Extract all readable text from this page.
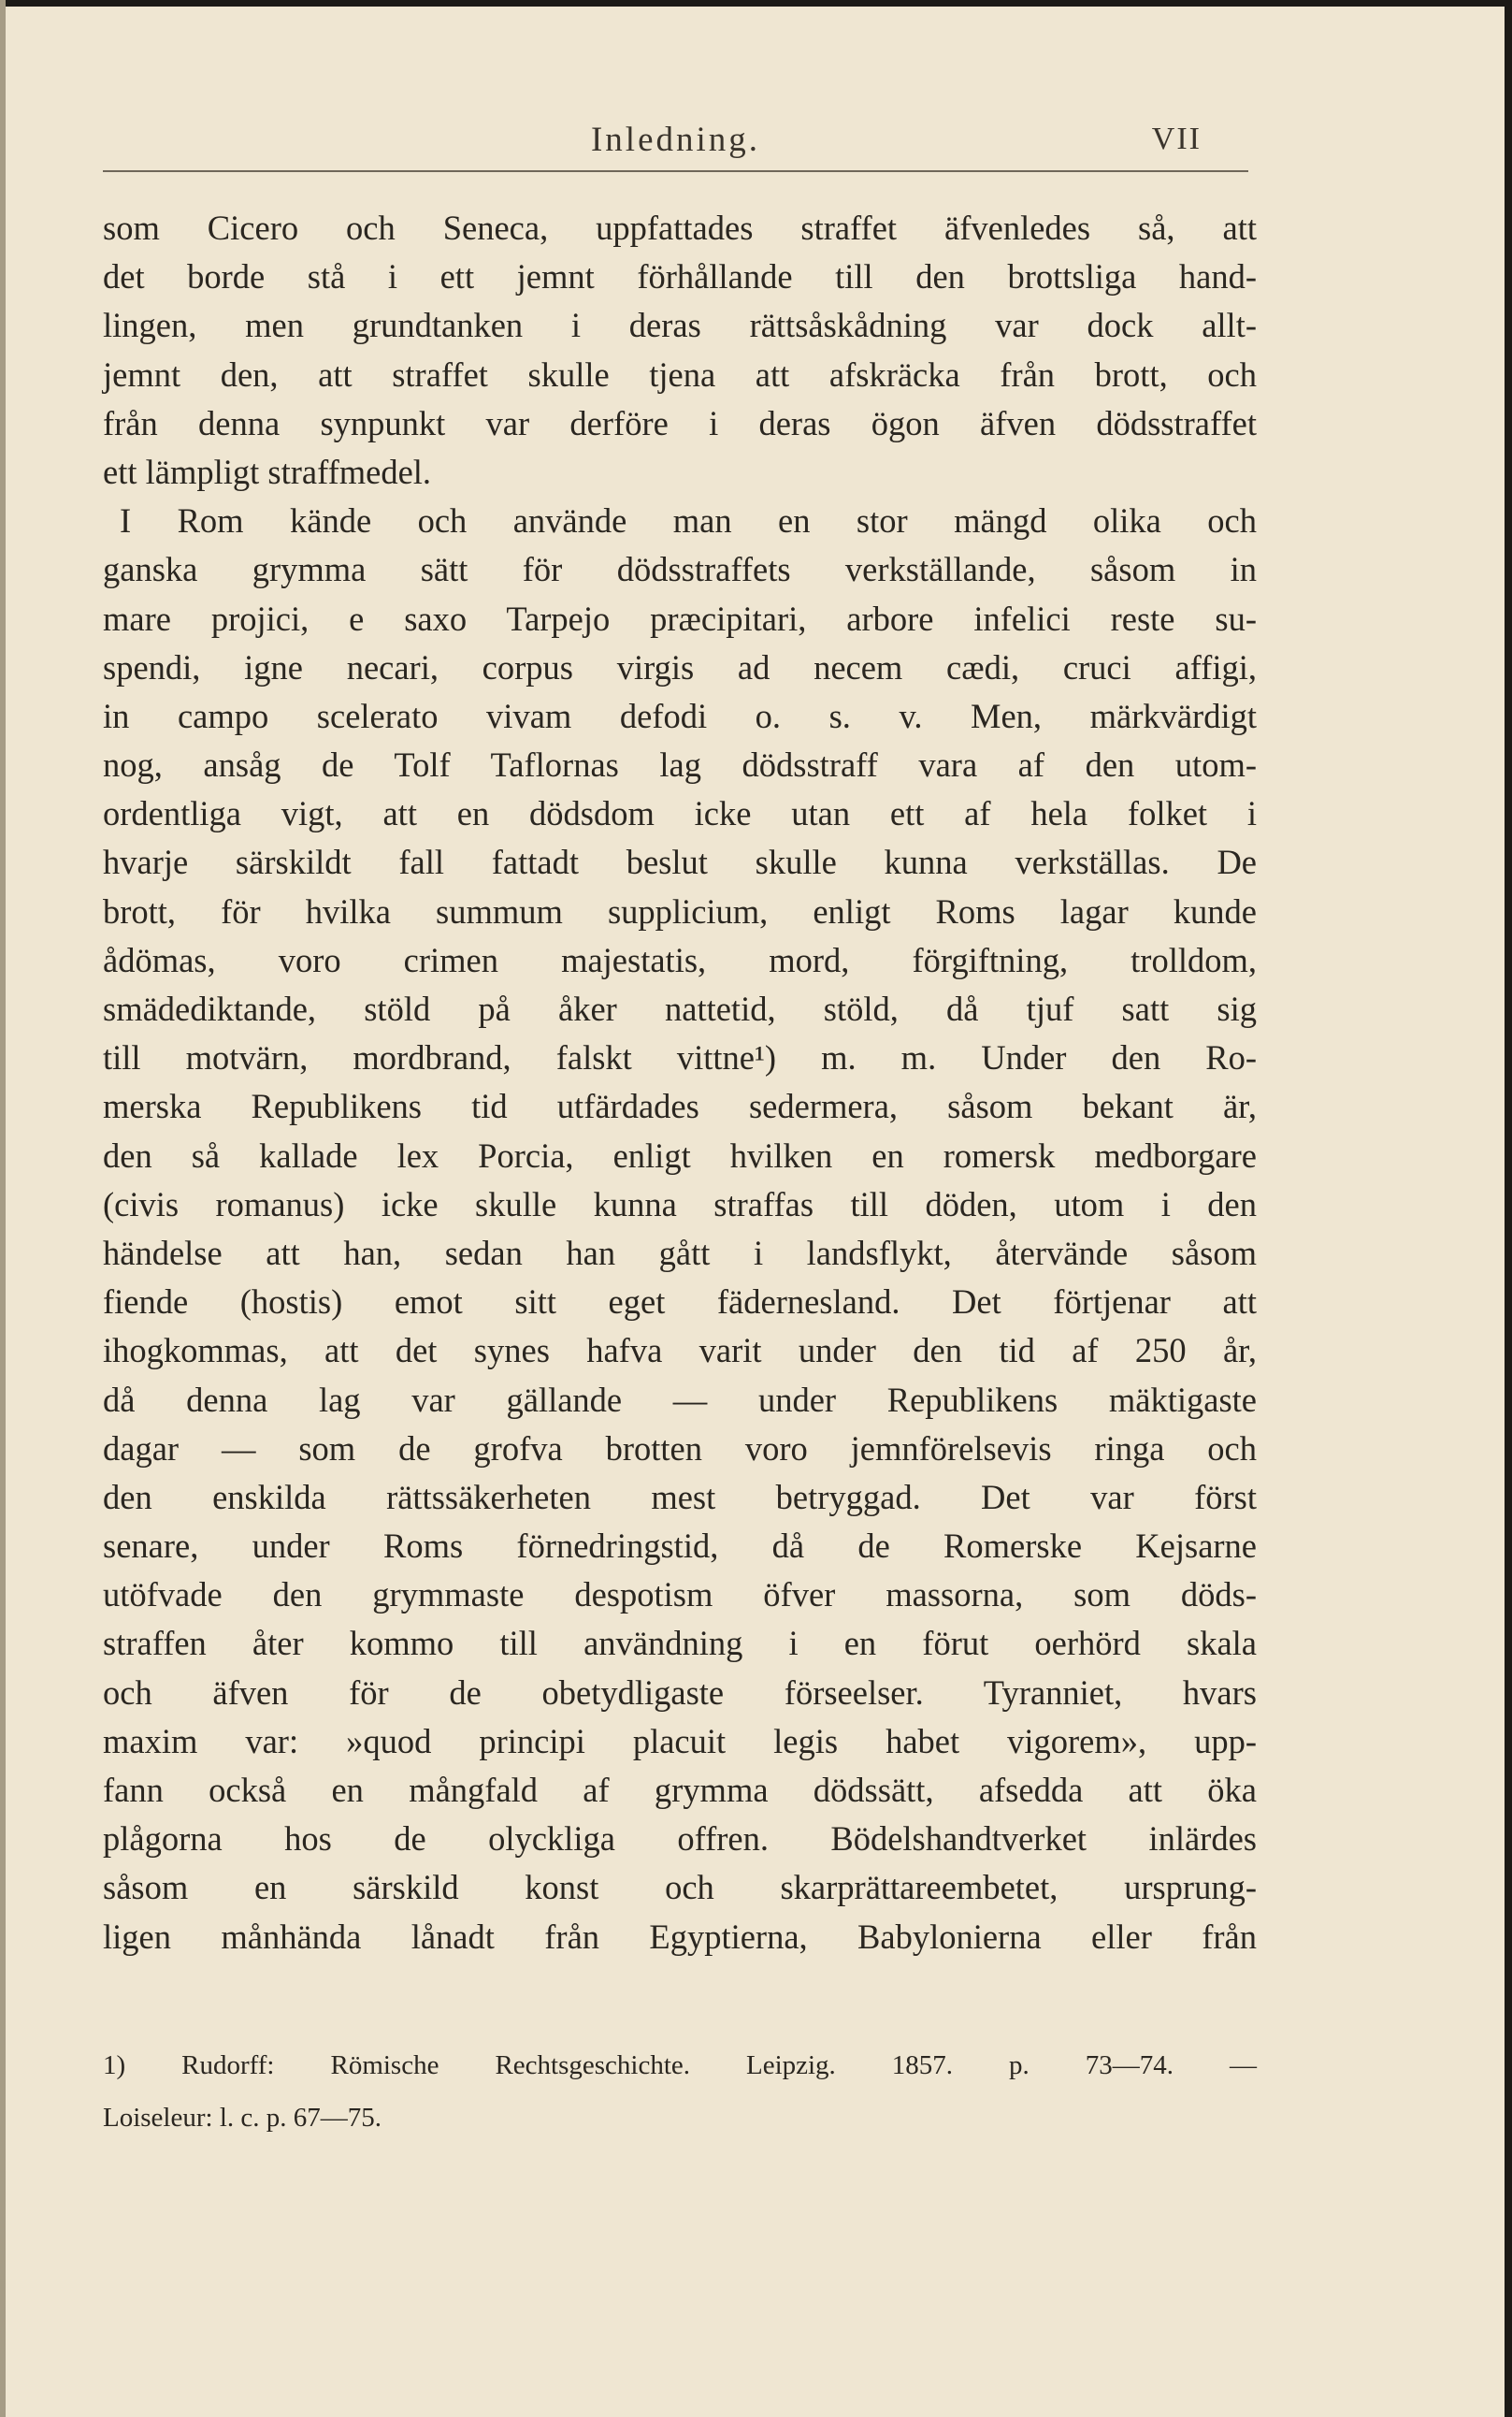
Inledning.	VII
som Cicero och Seneca, uppfattades straffet äfvenledes så, att
det borde stå i ett jemnt förhållande till den brottsliga hand-
lingen, men grundtanken i deras rättsåskådning var dock allt-
jemnt den, att straffet skulle tjena att afskräcka från brott, och
från denna synpunkt var derföre i deras ögon äfven dödsstraffet
ett lämpligt straffmedel.
I Rom kände och använde man en stor mängd olika och
ganska grymma sätt för dödsstraffets verkställande, såsom in
mare projici, e saxo Tarpejo præcipitari, arbore infelici reste su-
spendi, igne necari, corpus virgis ad necem cædi, cruci affigi,
in campo scelerato vivam defodi o. s. v. Men, märkvärdigt
nog, ansåg de Tolf Taflornas lag dödsstraff vara af den utom-
ordentliga vigt, att en dödsdom icke utan ett af hela folket i
hvarje särskildt fall fattadt beslut skulle kunna verkställas. De
brott, för hvilka summum supplicium, enligt Roms lagar kunde
ådömas, voro crimen majestatis, mord, förgiftning, trolldom,
smädediktande, stöld på åker nattetid, stöld, då tjuf satt sig
till motvärn, mordbrand, falskt vittne¹) m. m. Under den Ro-
merska Republikens tid utfärdades sedermera, såsom bekant är,
den så kallade lex Porcia, enligt hvilken en romersk medborgare
(civis romanus) icke skulle kunna straffas till döden, utom i den
händelse att han, sedan han gått i landsflykt, återvände såsom
fiende (hostis) emot sitt eget fädernesland. Det förtjenar att
ihogkommas, att det synes hafva varit under den tid af 250 år,
då denna lag var gällande — under Republikens mäktigaste
dagar — som de grofva brotten voro jemnförelsevis ringa och
den enskilda rättssäkerheten mest betryggad. Det var först
senare, under Roms förnedringstid, då de Romerske Kejsarne
utöfvade den grymmaste despotism öfver massorna, som döds-
straffen åter kommo till användning i en förut oerhörd skala
och äfven för de obetydligaste förseelser. Tyranniet, hvars
maxim var: »quod principi placuit legis habet vigorem», upp-
fann också en mångfald af grymma dödssätt, afsedda att öka
plågorna hos de olyckliga offren. Bödelshandtverket inlärdes
såsom en särskild konst och skarprättareembetet, ursprung-
ligen månhända lånadt från Egyptierna, Babylonierna eller från
1) Rudorff: Römische Rechtsgeschichte. Leipzig. 1857. p. 73—74. —
Loiseleur: l. c. p. 67—75.
